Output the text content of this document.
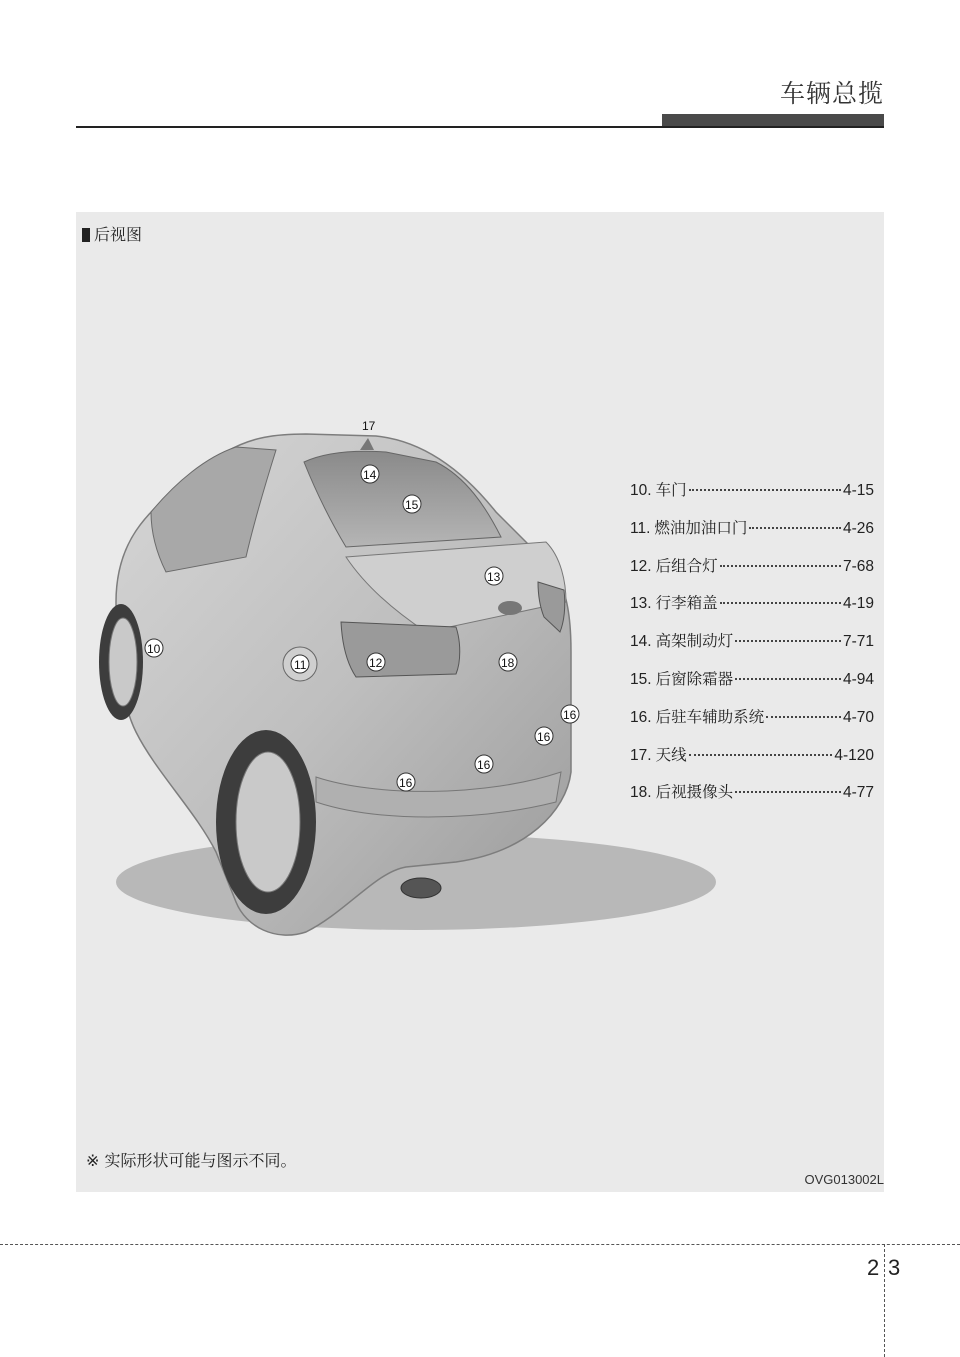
车辆总揽
后视图
17
14
15
13
10
11	12	18
16
16
16
16
10. 车门	4-15
11. 燃油加油口门	4-26
12. 后组合灯	7-68
13. 行李箱盖	4-19
14. 高架制动灯	7-71
15. 后窗除霜器	4-94
16. 后驻车辅助系统	4-70
17. 天线	4-120
18. 后视摄像头	4-77
※ 实际形状可能与图示不同。
OVG013002L
2 3
